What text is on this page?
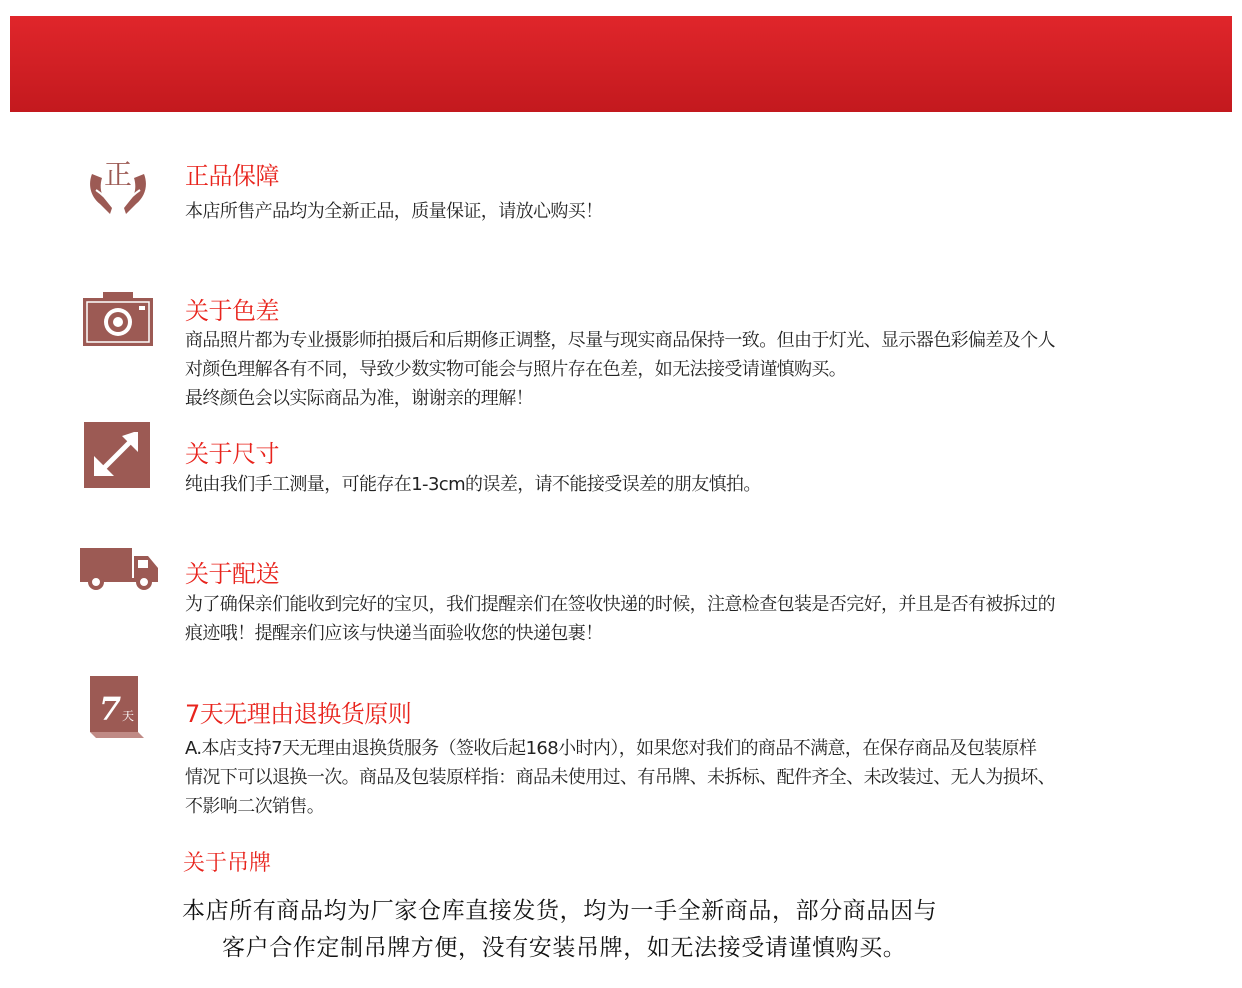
正 正品保障
本店所售产品均为全新正品，质量保证，请放心购买！
关于色差
商品照片都为专业摄影师拍摄后和后期修正调整，尽量与现实商品保持一致。但由于灯光、显示器色彩偏差及个人
对颜色理解各有不同，导致少数实物可能会与照片存在色差，如无法接受请谨慎购买。
最终颜色会以实际商品为准，谢谢亲的理解！
关于尺寸
纯由我们手工测量，可能存在1-3cm的误差，请不能接受误差的朋友慎拍。
关于配送
为了确保亲们能收到完好的宝贝，我们提醒亲们在签收快递的时候，注意检查包装是否完好，并且是否有被拆过的
痕迹哦！提醒亲们应该与快递当面验收您的快递包裹！
7 天 7天无理由退换货原则
A.本店支持7天无理由退换货服务（签收后起168小时内），如果您对我们的商品不满意，在保存商品及包装原样
情况下可以退换一次。商品及包装原样指：商品未使用过、有吊牌、未拆标、配件齐全、未改装过、无人为损坏、
不影响二次销售。
关于吊牌
本店所有商品均为厂家仓库直接发货，均为一手全新商品，部分商品因与
客户合作定制吊牌方便，没有安装吊牌，如无法接受请谨慎购买。
